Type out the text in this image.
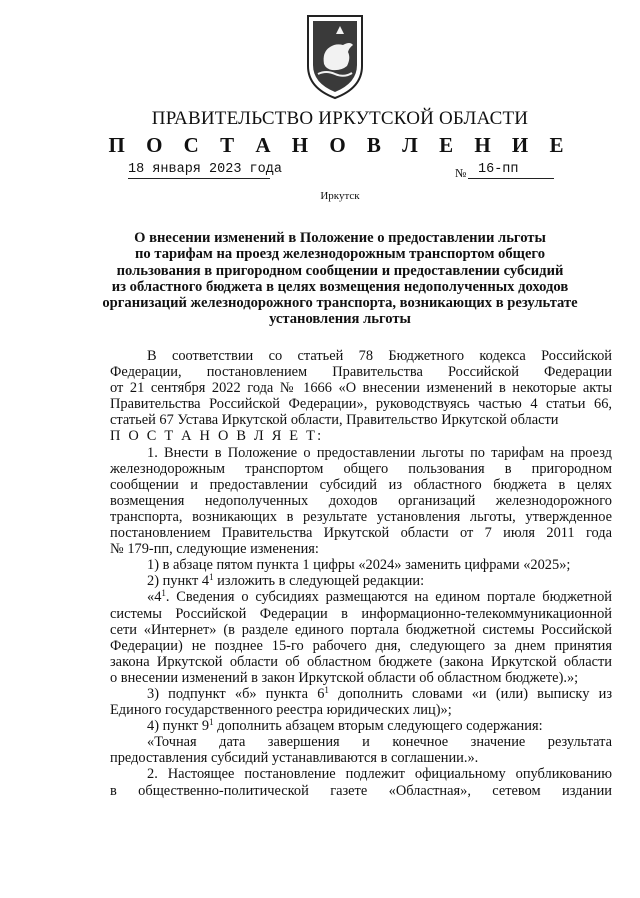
ПРАВИТЕЛЬСТВО ИРКУТСКОЙ ОБЛАСТИ
П О С Т А Н О В Л Е Н И Е
18 января 2023 года	№ 16-пп
Иркутск
О внесении изменений в Положение о предоставлении льготы
по тарифам на проезд железнодорожным транспортом общего
пользования в пригородном сообщении и предоставлении субсидий
из областного бюджета в целях возмещения недополученных доходов
организаций железнодорожного транспорта, возникающих в результате
установления льготы
В соответствии со статьей 78 Бюджетного кодекса Российской
Федерации, постановлением Правительства Российской Федерации
от 21 сентября 2022 года № 1666 «О внесении изменений в некоторые акты
Правительства Российской Федерации», руководствуясь частью 4 статьи 66,
статьей 67 Устава Иркутской области, Правительство Иркутской области
П О С Т А Н О В Л Я Е Т:
1. Внести в Положение о предоставлении льготы по тарифам на проезд
железнодорожным транспортом общего пользования в пригородном
сообщении и предоставлении субсидий из областного бюджета в целях
возмещения недополученных доходов организаций железнодорожного
транспорта, возникающих в результате установления льготы, утвержденное
постановлением Правительства Иркутской области от 7 июля 2011 года
№ 179-пп, следующие изменения:
1) в абзаце пятом пункта 1 цифры «2024» заменить цифрами «2025»;
2) пункт $4^1$ изложить в следующей редакции:
«$4^1$. Сведения о субсидиях размещаются на едином портале бюджетной
системы Российской Федерации в информационно-телекоммуникационной
сети «Интернет» (в разделе единого портала бюджетной системы Российской
Федерации) не позднее 15-го рабочего дня, следующего за днем принятия
закона Иркутской области об областном бюджете (закона Иркутской области
о внесении изменений в закон Иркутской области об областном бюджете).»;
3) подпункт «б» пункта $6^1$ дополнить словами «и (или) выписку из
Единого государственного реестра юридических лиц)»;
4) пункт $9^1$ дополнить абзацем вторым следующего содержания:
«Точная дата завершения и конечное значение результата
предоставления субсидий устанавливаются в соглашении.».
2. Настоящее постановление подлежит официальному опубликованию
в общественно-политической газете «Областная», сетевом издании
